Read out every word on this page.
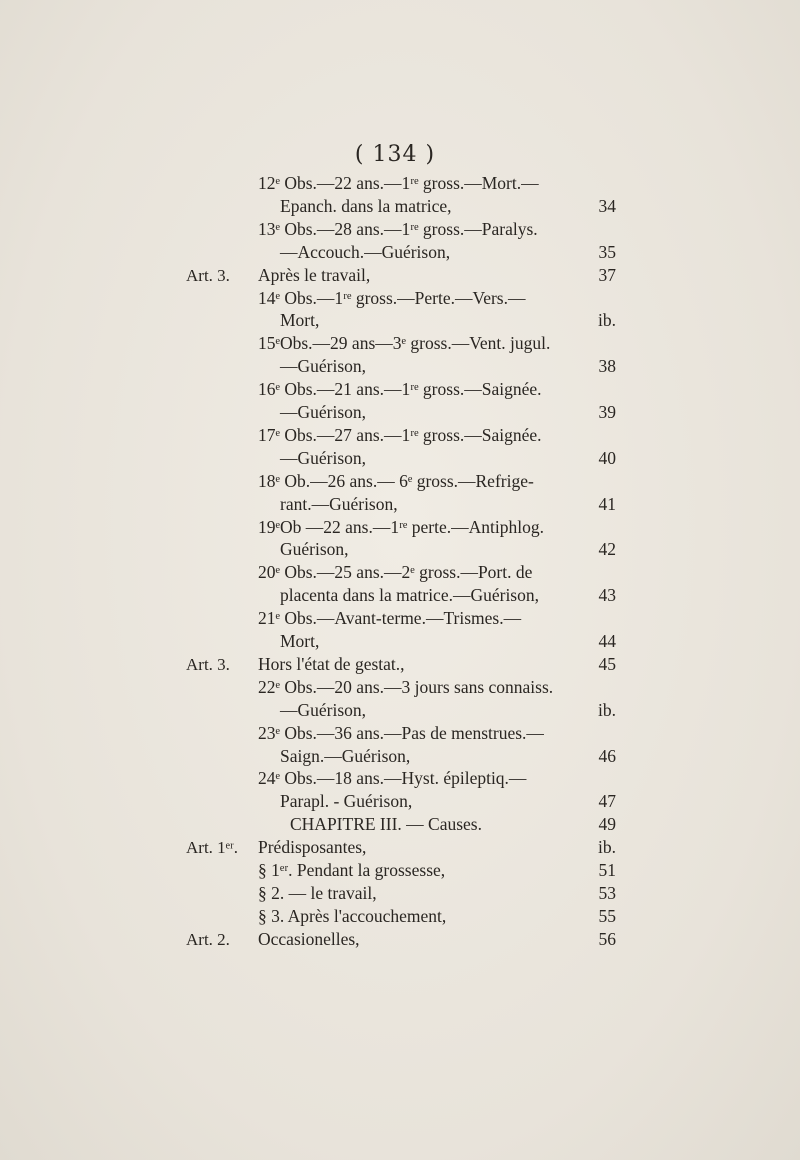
( 134 )
12ᵉ Obs.—22 ans.—1ʳᵉ gross.—Mort.—
Epanch. dans la matrice,	34
13ᵉ Obs.—28 ans.—1ʳᵉ gross.—Paralys.
—Accouch.—Guérison,	35
Art. 3. Après le travail,	37
14ᵉ Obs.—1ʳᵉ gross.—Perte.—Vers.—
Mort,	ib.
15ᵉObs.—29 ans—3ᵉ gross.—Vent. jugul.
—Guérison,	38
16ᵉ Obs.—21 ans.—1ʳᵉ gross.—Saignée.
—Guérison,	39
17ᵉ Obs.—27 ans.—1ʳᵉ gross.—Saignée.
—Guérison,	40
18ᵉ Ob.—26 ans.— 6ᵉ gross.—Refrige-
rant.—Guérison,	41
19ᵉOb —22 ans.—1ʳᵉ perte.—Antiphlog.
Guérison,	42
20ᵉ Obs.—25 ans.—2ᵉ gross.—Port. de
placenta dans la matrice.—Guérison,	43
21ᵉ Obs.—Avant-terme.—Trismes.—
Mort,	44
Art. 3. Hors l'état de gestat.,	45
22ᵉ Obs.—20 ans.—3 jours sans connaiss.
—Guérison,	ib.
23ᵉ Obs.—36 ans.—Pas de menstrues.—
Saign.—Guérison,	46
24ᵉ Obs.—18 ans.—Hyst. épileptiq.—
Parapl. - Guérison,	47
CHAPITRE III. — Causes.	49
Art. 1ᵉʳ. Prédisposantes,	ib.
§ 1ᵉʳ. Pendant la grossesse,	51
§ 2. — le travail,	53
§ 3. Après l'accouchement,	55
Art. 2. Occasionelles,	56
